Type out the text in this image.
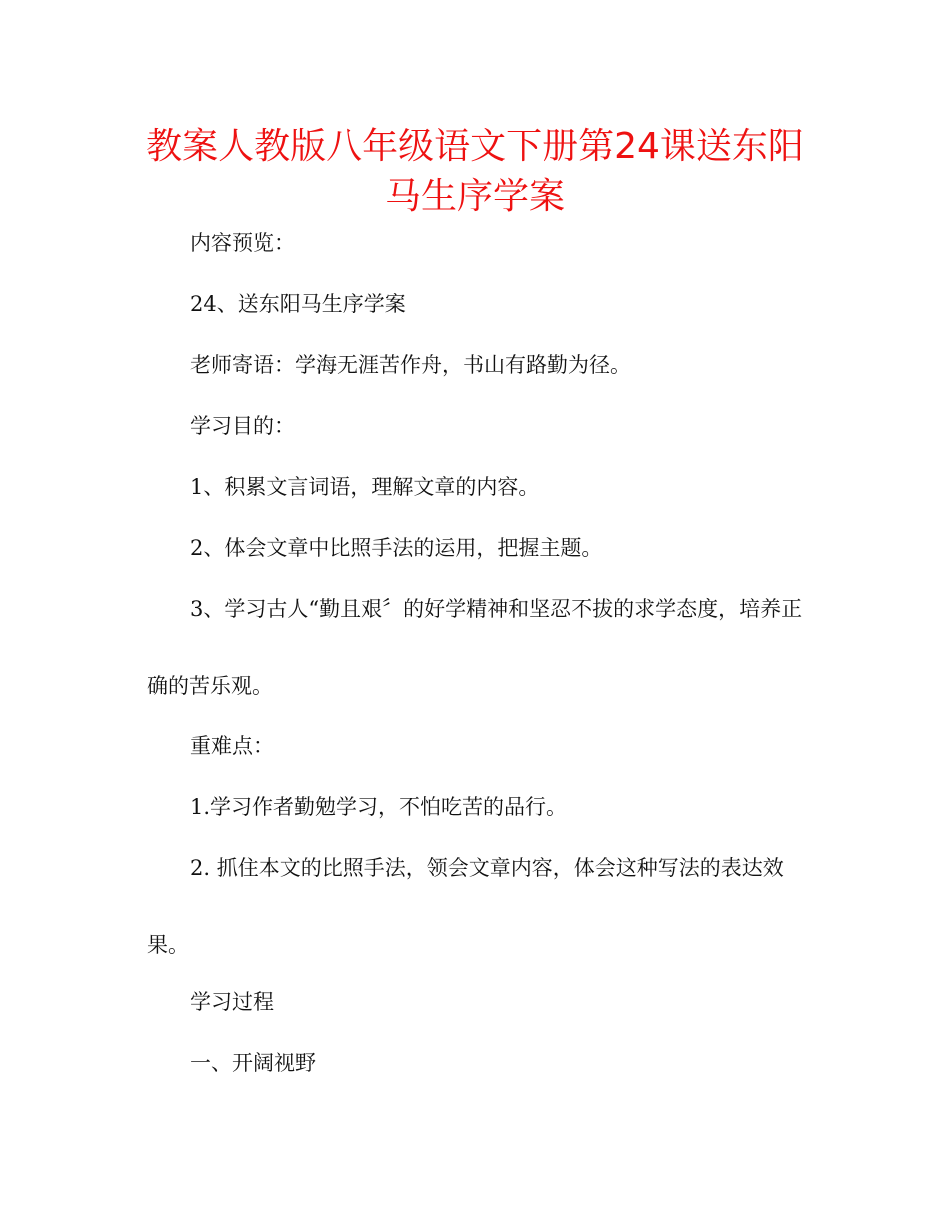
教案人教版八年级语文下册第24课送东阳马生序学案

内容预览：

24、送东阳马生序学案

老师寄语：学海无涯苦作舟，书山有路勤为径。

学习目的：

1、积累文言词语，理解文章的内容。

2、体会文章中比照手法的运用，把握主题。

3、学习古人“勤且艰〞的好学精神和坚忍不拔的求学态度，培养正确的苦乐观。

重难点：

1.学习作者勤勉学习，不怕吃苦的品行。

2. 抓住本文的比照手法，领会文章内容，体会这种写法的表达效果。

学习过程

一、开阔视野
